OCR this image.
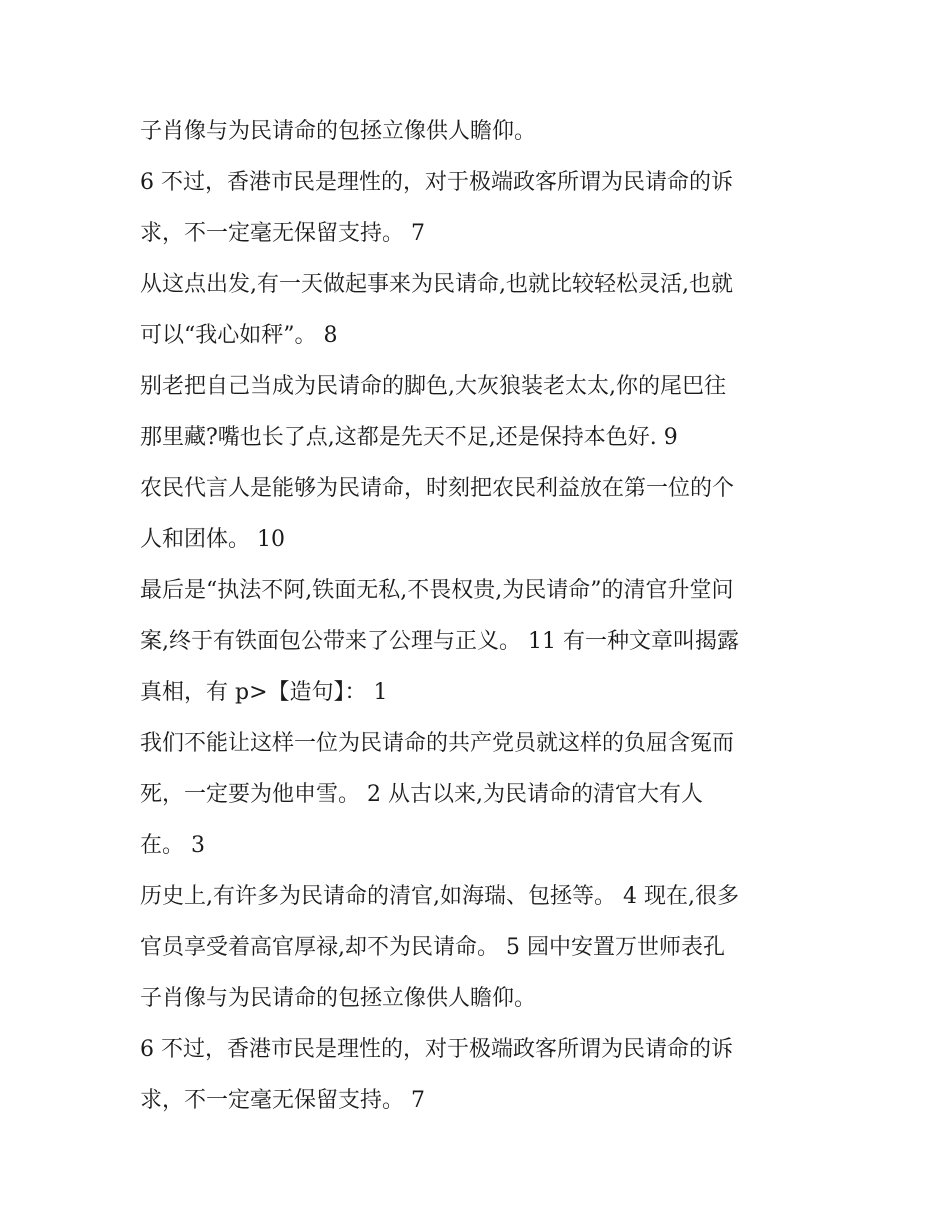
子肖像与为民请命的包拯立像供人瞻仰。
6 不过，香港市民是理性的，对于极端政客所谓为民请命的诉
求，不一定毫无保留支持。 7
从这点出发,有一天做起事来为民请命,也就比较轻松灵活,也就
可以“我心如秤”。 8
别老把自己当成为民请命的脚色,大灰狼装老太太,你的尾巴往
那里藏?嘴也长了点,这都是先天不足,还是保持本色好. 9
农民代言人是能够为民请命，时刻把农民利益放在第一位的个
人和团体。 10
最后是“执法不阿,铁面无私,不畏权贵,为民请命”的清官升堂问
案,终于有铁面包公带来了公理与正义。 11 有一种文章叫揭露
真相，有 p>【造句】： 1
我们不能让这样一位为民请命的共产党员就这样的负屈含冤而
死，一定要为他申雪。 2 从古以来,为民请命的清官大有人
在。 3
历史上,有许多为民请命的清官,如海瑞、包拯等。 4 现在,很多
官员享受着高官厚禄,却不为民请命。 5 园中安置万世师表孔
子肖像与为民请命的包拯立像供人瞻仰。
6 不过，香港市民是理性的，对于极端政客所谓为民请命的诉
求，不一定毫无保留支持。 7
